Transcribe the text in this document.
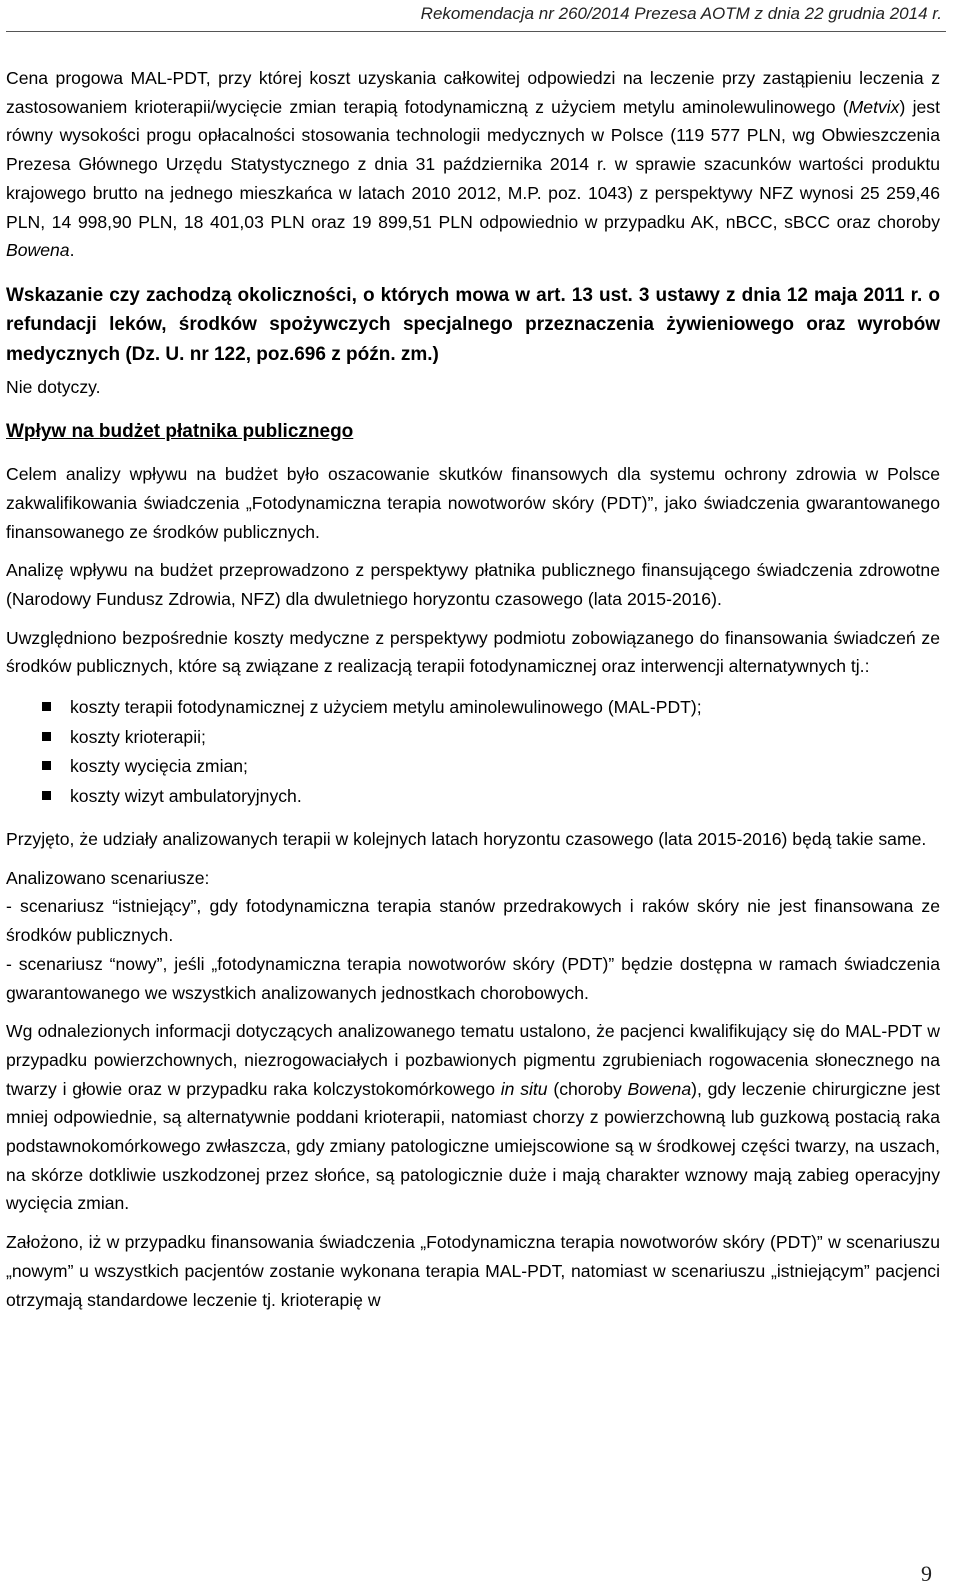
Rekomendacja nr 260/2014 Prezesa AOTM z dnia 22 grudnia 2014 r.

Cena progowa MAL-PDT, przy której koszt uzyskania całkowitej odpowiedzi na leczenie przy zastąpieniu leczenia z zastosowaniem krioterapii/wycięcie zmian terapią fotodynamiczną z użyciem metylu aminolewulinowego (Metvix) jest równy wysokości progu opłacalności stosowania technologii medycznych w Polsce (119 577 PLN, wg Obwieszczenia Prezesa Głównego Urzędu Statystycznego z dnia 31 października 2014 r. w sprawie szacunków wartości produktu krajowego brutto na jednego mieszkańca w latach 2010 2012, M.P. poz. 1043) z perspektywy NFZ wynosi 25 259,46 PLN, 14 998,90 PLN, 18 401,03 PLN oraz 19 899,51 PLN odpowiednio w przypadku AK, nBCC, sBCC oraz choroby Bowena.

Wskazanie czy zachodzą okoliczności, o których mowa w art. 13 ust. 3 ustawy z dnia 12 maja 2011 r. o refundacji leków, środków spożywczych specjalnego przeznaczenia żywieniowego oraz wyrobów medycznych (Dz. U. nr 122, poz.696 z późn. zm.)

Nie dotyczy.

Wpływ na budżet płatnika publicznego

Celem analizy wpływu na budżet było oszacowanie skutków finansowych dla systemu ochrony zdrowia w Polsce zakwalifikowania świadczenia „Fotodynamiczna terapia nowotworów skóry (PDT)”, jako świadczenia gwarantowanego finansowanego ze środków publicznych.

Analizę wpływu na budżet przeprowadzono z perspektywy płatnika publicznego finansującego świadczenia zdrowotne (Narodowy Fundusz Zdrowia, NFZ) dla dwuletniego horyzontu czasowego (lata 2015-2016).

Uwzględniono bezpośrednie koszty medyczne z perspektywy podmiotu zobowiązanego do finansowania świadczeń ze środków publicznych, które są związane z realizacją terapii fotodynamicznej oraz interwencji alternatywnych tj.:

koszty terapii fotodynamicznej z użyciem metylu aminolewulinowego (MAL-PDT);
koszty krioterapii;
koszty wycięcia zmian;
koszty wizyt ambulatoryjnych.

Przyjęto, że udziały analizowanych terapii w kolejnych latach horyzontu czasowego (lata 2015-2016) będą takie same.

Analizowano scenariusze:

- scenariusz “istniejący”, gdy fotodynamiczna terapia stanów przedrakowych i raków skóry nie jest finansowana ze środków publicznych.

- scenariusz “nowy”, jeśli „fotodynamiczna terapia nowotworów skóry (PDT)” będzie dostępna w ramach świadczenia gwarantowanego we wszystkich analizowanych jednostkach chorobowych.

Wg odnalezionych informacji dotyczących analizowanego tematu ustalono, że pacjenci kwalifikujący się do MAL-PDT w przypadku powierzchownych, niezrogowaciałych i pozbawionych pigmentu zgrubieniach rogowacenia słonecznego na twarzy i głowie oraz w przypadku raka kolczystokomórkowego in situ (choroby Bowena), gdy leczenie chirurgiczne jest mniej odpowiednie, są alternatywnie poddani krioterapii, natomiast chorzy z powierzchowną lub guzkową postacią raka podstawnokomórkowego zwłaszcza, gdy zmiany patologiczne umiejscowione są w środkowej części twarzy, na uszach, na skórze dotkliwie uszkodzonej przez słońce, są patologicznie duże i mają charakter wznowy mają zabieg operacyjny wycięcia zmian.

Założono, iż w przypadku finansowania świadczenia „Fotodynamiczna terapia nowotworów skóry (PDT)” w scenariuszu „nowym” u wszystkich pacjentów zostanie wykonana terapia MAL-PDT, natomiast w scenariuszu „istniejącym” pacjenci otrzymają standardowe leczenie tj. krioterapię w

9
